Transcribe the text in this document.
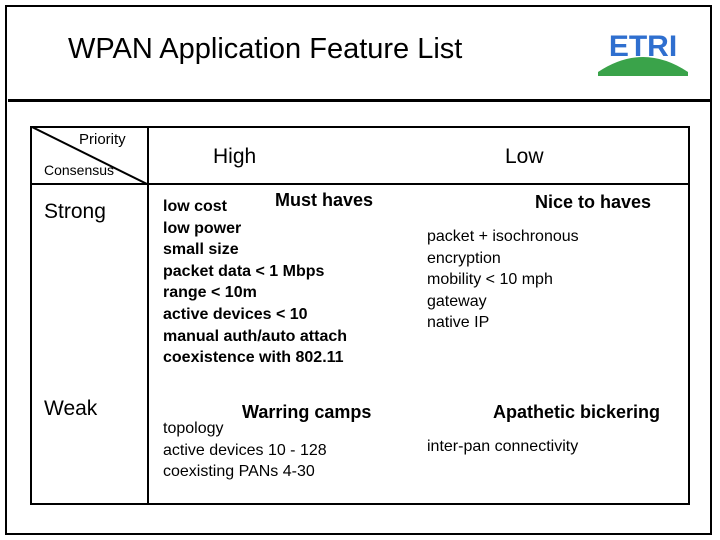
WPAN Application Feature List	ETRI
Priority
Consensus
High	Low
Strong
Weak
Must haves
low cost
low power
small size
packet data < 1 Mbps
range < 10m
active devices < 10
manual auth/auto attach
coexistence with 802.11
Nice to haves
packet + isochronous
encryption
mobility < 10 mph
gateway
native IP
Warring camps
topology
active devices 10 - 128
coexisting PANs 4-30
Apathetic bickering
inter-pan connectivity
